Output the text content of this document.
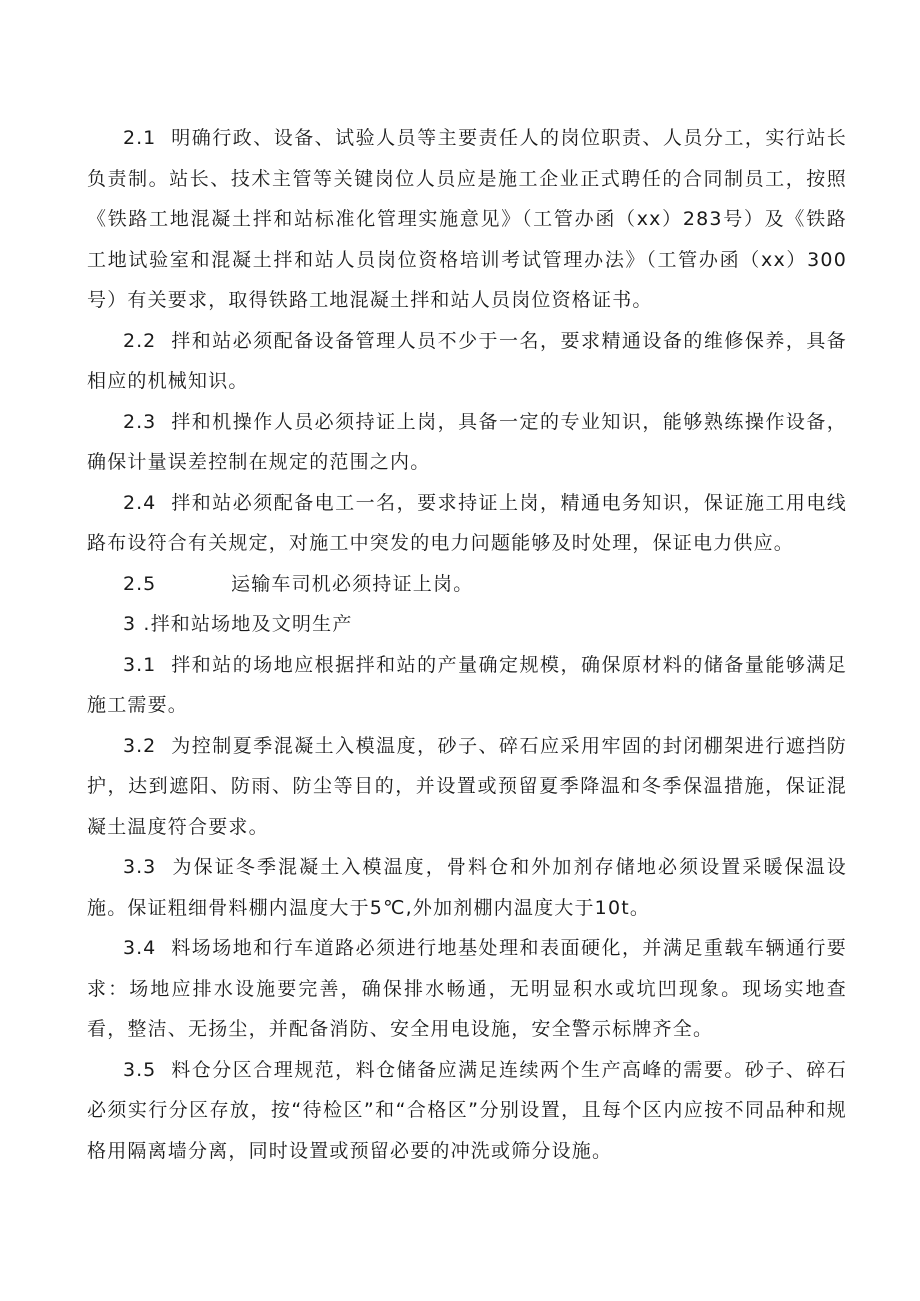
2.1 明确行政、设备、试验人员等主要责任人的岗位职责、人员分工，实行站长负责制。站长、技术主管等关键岗位人员应是施工企业正式聘任的合同制员工，按照《铁路工地混凝土拌和站标准化管理实施意见》（工管办函（xx）283号）及《铁路工地试验室和混凝土拌和站人员岗位资格培训考试管理办法》（工管办函（xx）300号）有关要求，取得铁路工地混凝土拌和站人员岗位资格证书。

2.2 拌和站必须配备设备管理人员不少于一名，要求精通设备的维修保养，具备相应的机械知识。

2.3 拌和机操作人员必须持证上岗，具备一定的专业知识，能够熟练操作设备，确保计量误差控制在规定的范围之内。

2.4 拌和站必须配备电工一名，要求持证上岗，精通电务知识，保证施工用电线路布设符合有关规定，对施工中突发的电力问题能够及时处理，保证电力供应。

2.5	运输车司机必须持证上岗。

3 .拌和站场地及文明生产

3.1 拌和站的场地应根据拌和站的产量确定规模，确保原材料的储备量能够满足施工需要。

3.2 为控制夏季混凝土入模温度，砂子、碎石应采用牢固的封闭棚架进行遮挡防护，达到遮阳、防雨、防尘等目的，并设置或预留夏季降温和冬季保温措施，保证混凝土温度符合要求。

3.3 为保证冬季混凝土入模温度，骨料仓和外加剂存储地必须设置采暖保温设施。保证粗细骨料棚内温度大于5℃,外加剂棚内温度大于10t。

3.4 料场场地和行车道路必须进行地基处理和表面硬化，并满足重载车辆通行要求：场地应排水设施要完善，确保排水畅通，无明显积水或坑凹现象。现场实地查看，整洁、无扬尘，并配备消防、安全用电设施，安全警示标牌齐全。

3.5 料仓分区合理规范，料仓储备应满足连续两个生产高峰的需要。砂子、碎石必须实行分区存放，按“待检区”和“合格区”分别设置，且每个区内应按不同品种和规格用隔离墙分离，同时设置或预留必要的冲洗或筛分设施。
